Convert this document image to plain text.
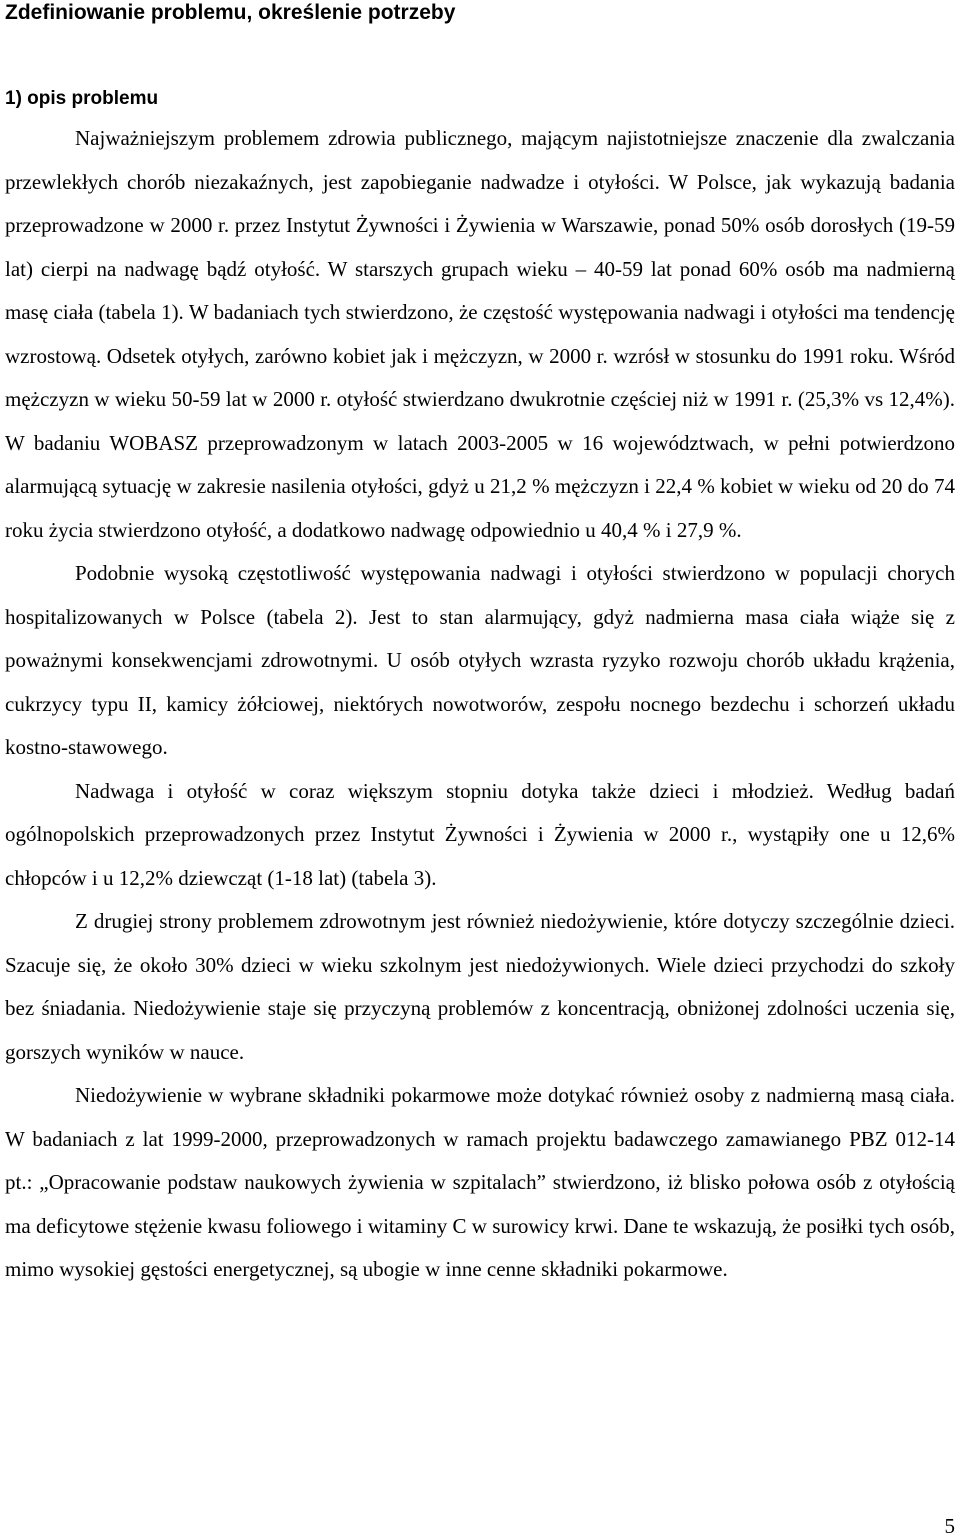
Zdefiniowanie problemu, określenie potrzeby
1) opis problemu

Najważniejszym problemem zdrowia publicznego, mającym najistotniejsze znaczenie dla zwalczania przewlekłych chorób niezakaźnych, jest zapobieganie nadwadze i otyłości. W Polsce, jak wykazują badania przeprowadzone w 2000 r. przez Instytut Żywności i Żywienia w Warszawie, ponad 50% osób dorosłych (19-59 lat) cierpi na nadwagę bądź otyłość. W starszych grupach wieku – 40-59 lat ponad 60% osób ma nadmierną masę ciała (tabela 1). W badaniach tych stwierdzono, że częstość występowania nadwagi i otyłości ma tendencję wzrostową. Odsetek otyłych, zarówno kobiet jak i mężczyzn, w 2000 r. wzrósł w stosunku do 1991 roku. Wśród mężczyzn w wieku 50-59 lat w 2000 r. otyłość stwierdzano dwukrotnie częściej niż w 1991 r. (25,3% vs 12,4%). W badaniu WOBASZ przeprowadzonym w latach 2003-2005 w 16 województwach, w pełni potwierdzono alarmującą sytuację w zakresie nasilenia otyłości, gdyż u 21,2 % mężczyzn i 22,4 % kobiet w wieku od 20 do 74 roku życia stwierdzono otyłość, a dodatkowo nadwagę odpowiednio u 40,4 % i 27,9 %.

Podobnie wysoką częstotliwość występowania nadwagi i otyłości stwierdzono w populacji chorych hospitalizowanych w Polsce (tabela 2). Jest to stan alarmujący, gdyż nadmierna masa ciała wiąże się z poważnymi konsekwencjami zdrowotnymi. U osób otyłych wzrasta ryzyko rozwoju chorób układu krążenia, cukrzycy typu II, kamicy żółciowej, niektórych nowotworów, zespołu nocnego bezdechu i schorzeń układu kostno-stawowego.

Nadwaga i otyłość w coraz większym stopniu dotyka także dzieci i młodzież. Według badań ogólnopolskich przeprowadzonych przez Instytut Żywności i Żywienia w 2000 r., wystąpiły one u 12,6% chłopców i u 12,2% dziewcząt (1-18 lat) (tabela 3).

Z drugiej strony problemem zdrowotnym jest również niedożywienie, które dotyczy szczególnie dzieci. Szacuje się, że około 30% dzieci w wieku szkolnym jest niedożywionych. Wiele dzieci przychodzi do szkoły bez śniadania. Niedożywienie staje się przyczyną problemów z koncentracją, obniżonej zdolności uczenia się, gorszych wyników w nauce.

Niedożywienie w wybrane składniki pokarmowe może dotykać również osoby z nadmierną masą ciała. W badaniach z lat 1999-2000, przeprowadzonych w ramach projektu badawczego zamawianego PBZ 012-14 pt.: „Opracowanie podstaw naukowych żywienia w szpitalach” stwierdzono, iż blisko połowa osób z otyłością ma deficytowe stężenie kwasu foliowego i witaminy C w surowicy krwi. Dane te wskazują, że posiłki tych osób, mimo wysokiej gęstości energetycznej, są ubogie w inne cenne składniki pokarmowe.

5
